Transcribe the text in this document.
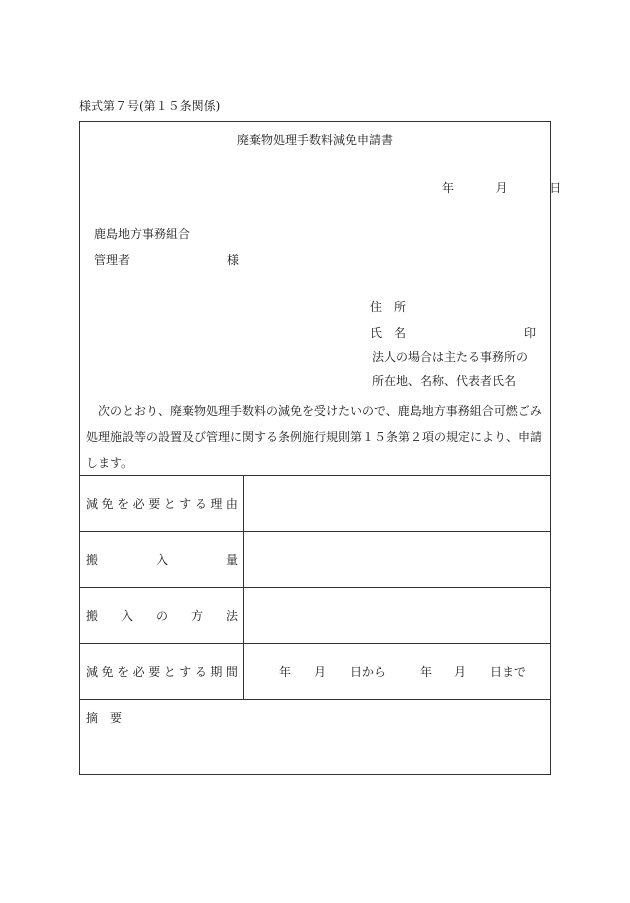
様式第７号(第１５条関係)
廃棄物処理手数料減免申請書
年	月	日
鹿島地方事務組合
管理者	様
住　所
氏　名	印
法人の場合は主たる事務所の
所在地、名称、代表者氏名

　次のとおり、廃棄物処理手数料の減免を受けたいので、鹿島地方事務組合可燃ごみ

処理施設等の設置及び管理に関する条例施行規則第１５条第２項の規定により、申請

します。

減 免 を 必 要 と す る 理 由
搬	入	量
搬 入 の 方 法
減 免 を 必 要 と す る 期 間	年 月 日から	年 月 日まで
摘　要
